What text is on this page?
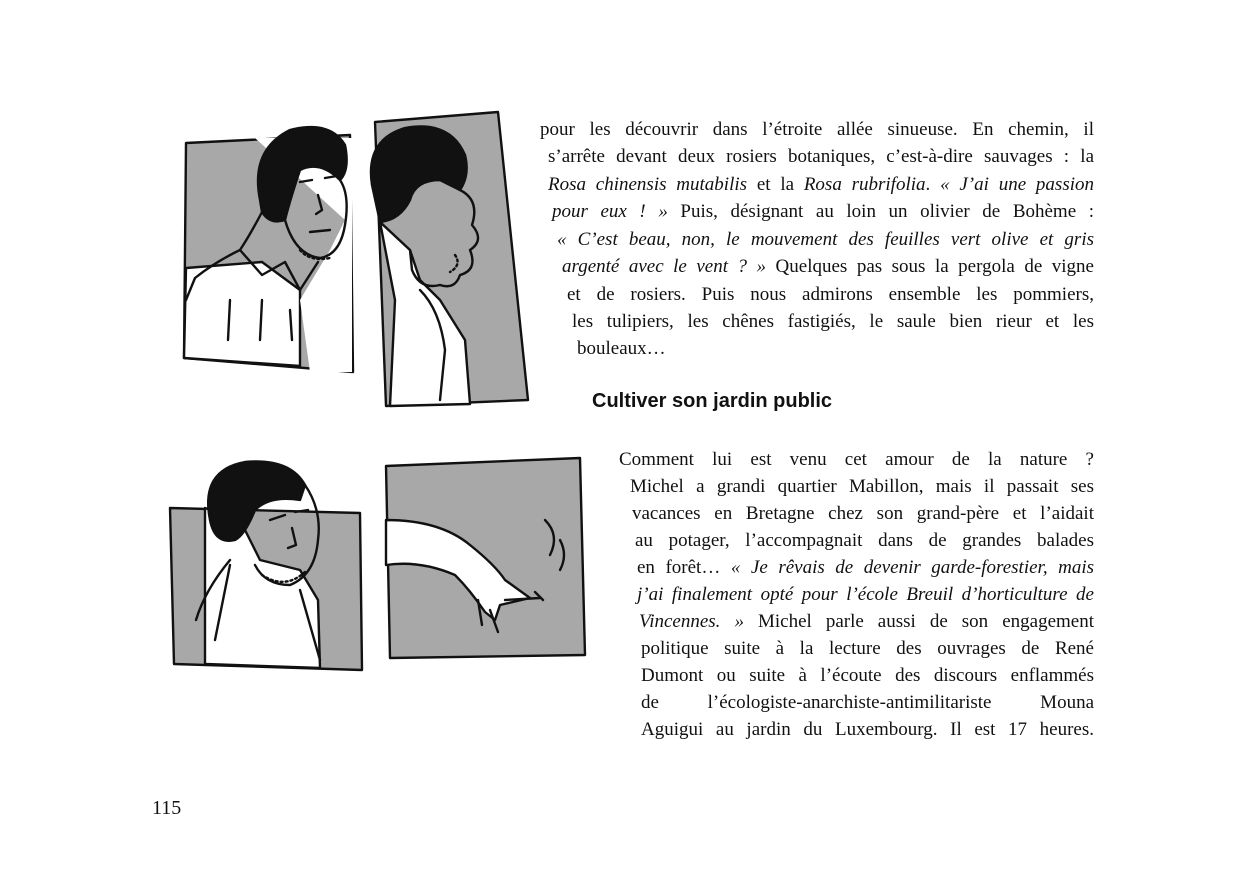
pour les découvrir dans l’étroite allée sinueuse. En chemin, il
s’arrête devant deux rosiers botaniques, c’est-à-dire sauvages : la
Rosa chinensis mutabilis et la Rosa rubrifolia. « J’ai une passion
pour eux ! » Puis, désignant au loin un olivier de Bohème :
« C’est beau, non, le mouvement des feuilles vert olive et gris
argenté avec le vent ? » Quelques pas sous la pergola de vigne
et de rosiers. Puis nous admirons ensemble les pommiers,
les tulipiers, les chênes fastigiés, le saule bien rieur et les
bouleaux…
Cultiver son jardin public
Comment lui est venu cet amour de la nature ?
Michel a grandi quartier Mabillon, mais il passait ses
vacances en Bretagne chez son grand-père et l’aidait
au potager, l’accompagnait dans de grandes balades
en forêt… « Je rêvais de devenir garde-forestier, mais
j’ai finalement opté pour l’école Breuil d’horticulture de
Vincennes. » Michel parle aussi de son engagement
politique suite à la lecture des ouvrages de René
Dumont ou suite à l’écoute des discours enflammés
de l’écologiste-anarchiste-antimilitariste Mouna
Aguigui au jardin du Luxembourg. Il est 17 heures.
115
